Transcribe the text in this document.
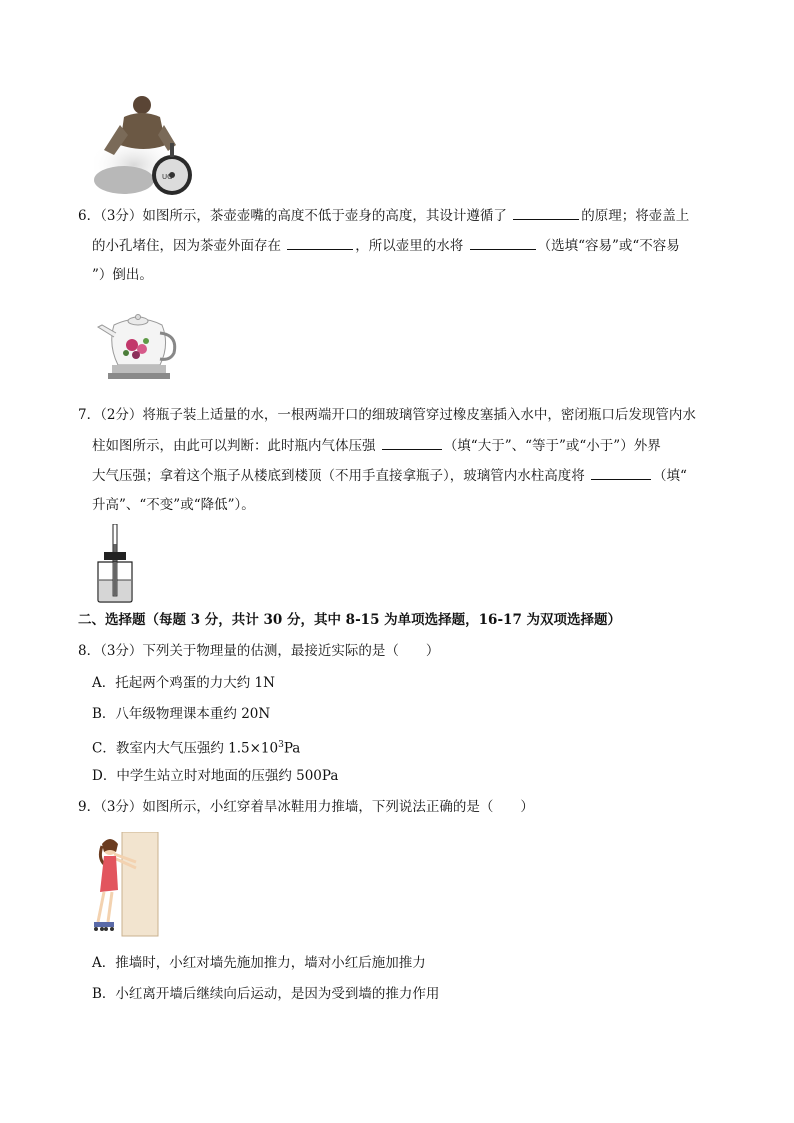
UG
6．（3分）如图所示，茶壶壶嘴的高度不低于壶身的高度，其设计遵循了	的原理；将壶盖上
的小孔堵住，因为茶壶外面存在	，所以壶里的水将	（选填“容易”或“不容易
”）倒出。
7．（2分）将瓶子装上适量的水，一根两端开口的细玻璃管穿过橡皮塞插入水中，密闭瓶口后发现管内水
柱如图所示，由此可以判断：此时瓶内气体压强	（填“大于”、“等于”或“小于”）外界
大气压强；拿着这个瓶子从楼底到楼顶（不用手直接拿瓶子），玻璃管内水柱高度将	（填“
升高”、“不变”或“降低”）。
二、选择题（每题 3 分，共计 30 分，其中 8-15 为单项选择题，16-17 为双项选择题）
8．（3分）下列关于物理量的估测，最接近实际的是（　　）
A．托起两个鸡蛋的力大约 1N
B．八年级物理课本重约 20N
C．教室内大气压强约 $1.5\times 10^3Pa$
D．中学生站立时对地面的压强约 500Pa
9．（3分）如图所示，小红穿着旱冰鞋用力推墙，下列说法正确的是（　　）
A．推墙时，小红对墙先施加推力，墙对小红后施加推力
B．小红离开墙后继续向后运动，是因为受到墙的推力作用
